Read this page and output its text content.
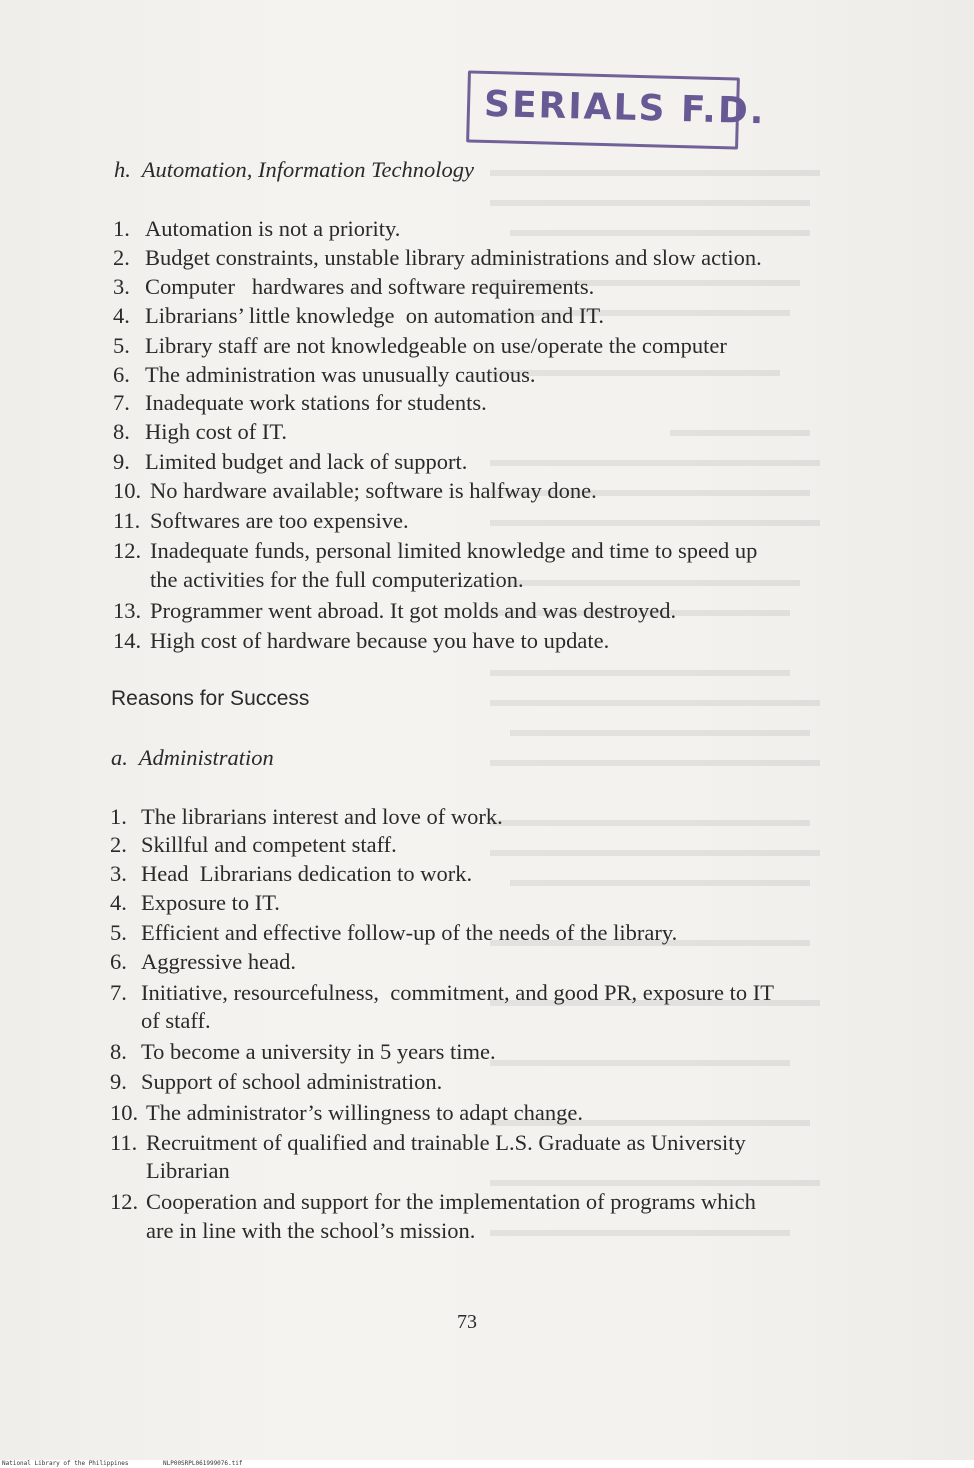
SERIALS F.D.
h. Automation, Information Technology
1. Automation is not a priority.
2. Budget constraints, unstable library administrations and slow action.
3. Computer   hardwares and software requirements.
4. Librarians’ little knowledge  on automation and IT.
5. Library staff are not knowledgeable on use/operate the computer
6. The administration was unusually cautious.
7. Inadequate work stations for students.
8. High cost of IT.
9. Limited budget and lack of support.
10. No hardware available; software is halfway done.
11. Softwares are too expensive.
12. Inadequate funds, personal limited knowledge and time to speed up
the activities for the full computerization.
13. Programmer went abroad. It got molds and was destroyed.
14. High cost of hardware because you have to update.
Reasons for Success
a. Administration
1. The librarians interest and love of work.
2. Skillful and competent staff.
3. Head  Librarians dedication to work.
4. Exposure to IT.
5. Efficient and effective follow-up of the needs of the library.
6. Aggressive head.
7. Initiative, resourcefulness,  commitment, and good PR, exposure to IT
of staff.
8. To become a university in 5 years time.
9. Support of school administration.
10. The administrator’s willingness to adapt change.
11. Recruitment of qualified and trainable L.S. Graduate as University
Librarian
12. Cooperation and support for the implementation of programs which
are in line with the school’s mission.
73
National Library of the Philippines	NLP00SRPL061999076.tif
